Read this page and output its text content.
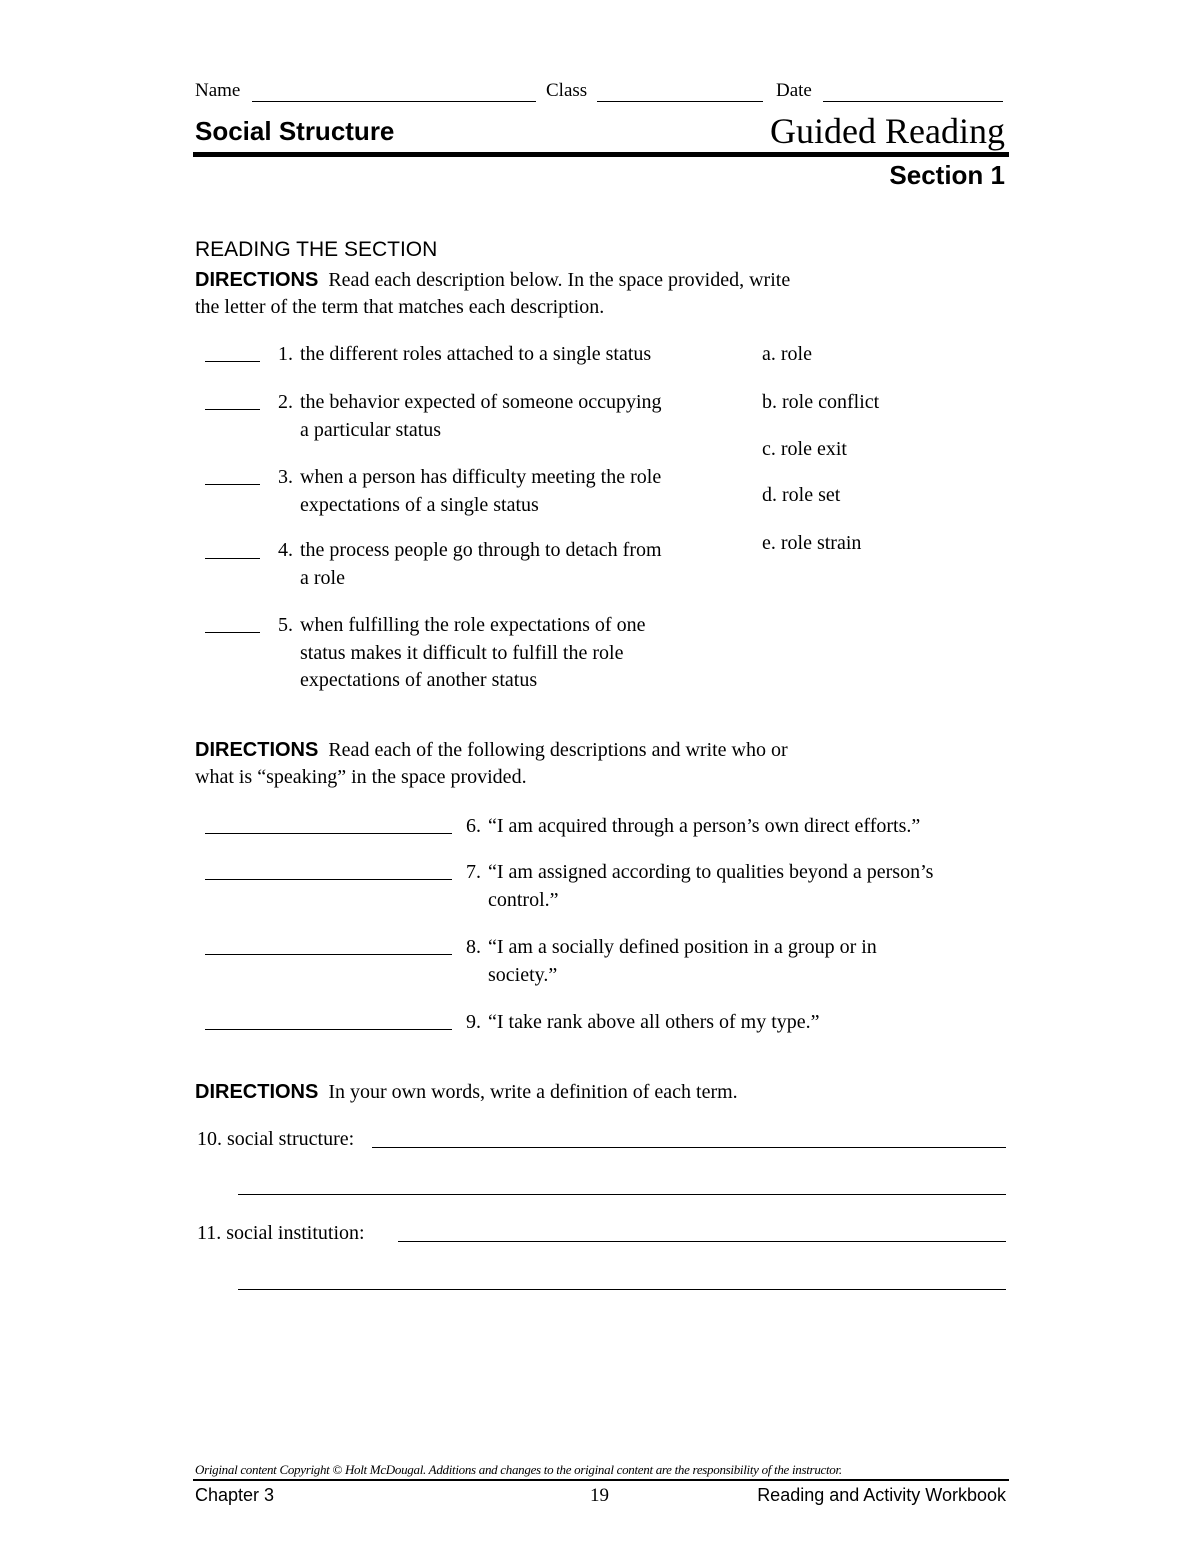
Name	Class	Date
Social Structure	Guided Reading
Section 1
READING THE SECTION
DIRECTIONS Read each description below. In the space provided, write
the letter of the term that matches each description.
1. the different roles attached to a single status
2. the behavior expected of someone occupying
a particular status
3. when a person has difficulty meeting the role
expectations of a single status
4. the process people go through to detach from
a role
5. when fulfilling the role expectations of one
status makes it difficult to fulfill the role
expectations of another status
a. role
b. role conflict
c. role exit
d. role set
e. role strain
DIRECTIONS Read each of the following descriptions and write who or
what is “speaking” in the space provided.
6. “I am acquired through a person’s own direct efforts.”
7. “I am assigned according to qualities beyond a person’s
control.”
8. “I am a socially defined position in a group or in
society.”
9. “I take rank above all others of my type.”
DIRECTIONS In your own words, write a definition of each term.
10. social structure:
11. social institution:
Original content Copyright © Holt McDougal. Additions and changes to the original content are the responsibility of the instructor.
Chapter 3	19	Reading and Activity Workbook
